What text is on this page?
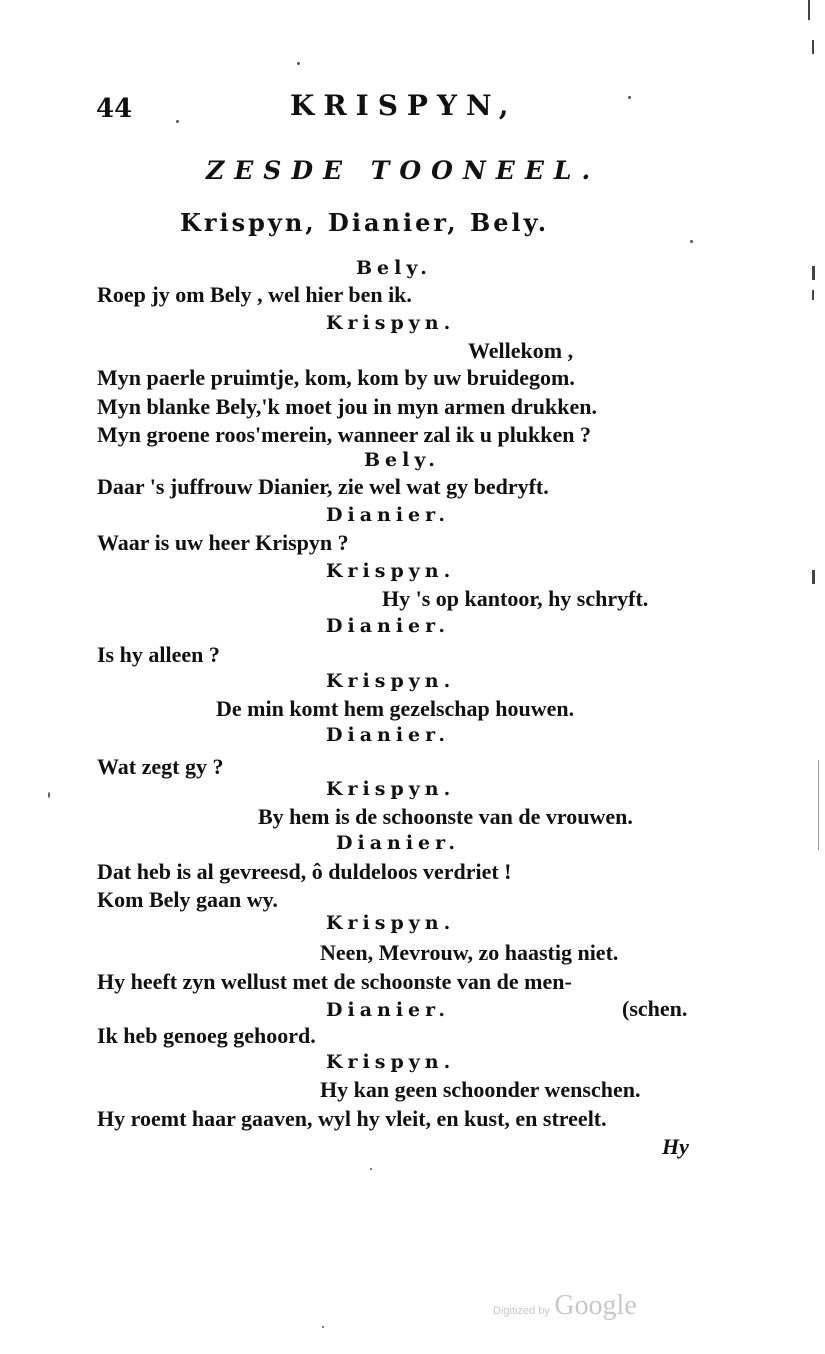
44	KRISPYN,
ZESDE TOONEEL.
Krispyn, Dianier, Bely.
Bely.
Roep jy om Bely , wel hier ben ik.
Krispyn.
Wellekom ,
Myn paerle pruimtje, kom, kom by uw bruidegom.
Myn blanke Bely,'k moet jou in myn armen drukken.
Myn groene roos'merein, wanneer zal ik u plukken ?
Bely.
Daar 's juffrouw Dianier, zie wel wat gy bedryft.
Dianier.
Waar is uw heer Krispyn ?
Krispyn.
Hy 's op kantoor, hy schryft.
Dianier.
Is hy alleen ?
Krispyn.
De min komt hem gezelschap houwen.
Dianier.
Wat zegt gy ?
Krispyn.
By hem is de schoonste van de vrouwen.
Dianier.
Dat heb is al gevreesd, ô duldeloos verdriet !
Kom Bely gaan wy.
Krispyn.
Neen, Mevrouw, zo haastig niet.
Hy heeft zyn wellust met de schoonste van de men-
Dianier.	(schen.
Ik heb genoeg gehoord.
Krispyn.
Hy kan geen schoonder wenschen.
Hy roemt haar gaaven, wyl hy vleit, en kust, en streelt.
Hy
Digitized by Google
